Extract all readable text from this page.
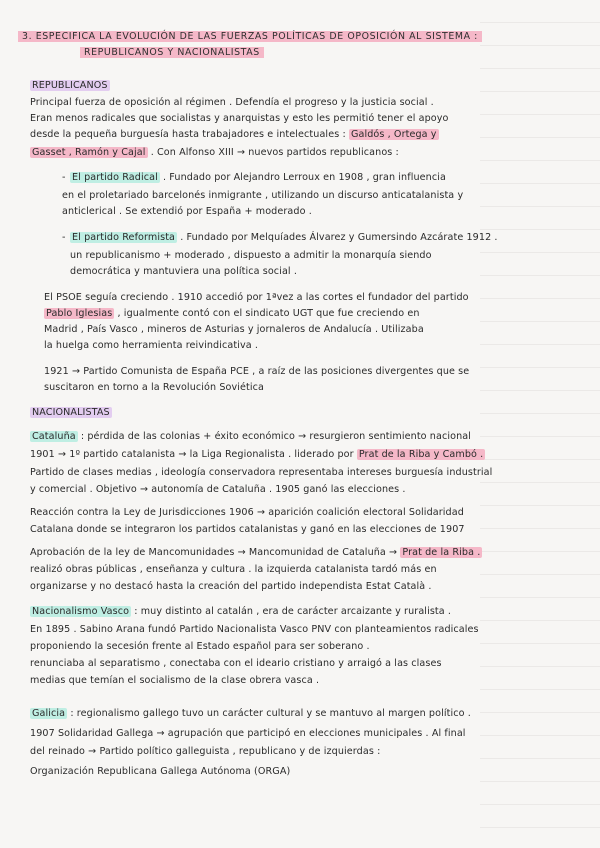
3. ESPECIFICA LA EVOLUCIÓN DE LAS FUERZAS POLÍTICAS DE OPOSICIÓN AL SISTEMA :
REPUBLICANOS Y NACIONALISTAS
REPUBLICANOS
Principal fuerza de oposición al régimen . Defendía el progreso y la justicia social .
Eran menos radicales que socialistas y anarquistas y esto les permitió tener el apoyo
desde la pequeña burguesía hasta trabajadores e intelectuales : Galdós , Ortega y
Gasset , Ramón y Cajal . Con Alfonso XIII → nuevos partidos republicanos :
- El partido Radical . Fundado por Alejandro Lerroux en 1908 , gran influencia
en el proletariado barcelonés inmigrante , utilizando un discurso anticatalanista y
anticlerical . Se extendió por España + moderado .
- El partido Reformista . Fundado por Melquíades Álvarez y Gumersindo Azcárate 1912 .
un republicanismo + moderado , dispuesto a admitir la monarquía siendo
democrática y mantuviera una política social .
El PSOE seguía creciendo . 1910 accedió por 1ªvez a las cortes el fundador del partido
Pablo Iglesias , igualmente contó con el sindicato UGT que fue creciendo en
Madrid , País Vasco , mineros de Asturias y jornaleros de Andalucía . Utilizaba
la huelga como herramienta reivindicativa .
1921 → Partido Comunista de España PCE , a raíz de las posiciones divergentes que se
suscitaron en torno a la Revolución Soviética
NACIONALISTAS
Cataluña : pérdida de las colonias + éxito económico → resurgieron sentimiento nacional
1901 → 1º partido catalanista → la Liga Regionalista . liderado por Prat de la Riba y Cambó .
Partido de clases medias , ideología conservadora representaba intereses burguesía industrial
y comercial . Objetivo → autonomía de Cataluña . 1905 ganó las elecciones .
Reacción contra la Ley de Jurisdicciones 1906 → aparición coalición electoral Solidaridad
Catalana donde se integraron los partidos catalanistas y ganó en las elecciones de 1907
Aprobación de la ley de Mancomunidades → Mancomunidad de Cataluña → Prat de la Riba .
realizó obras públicas , enseñanza y cultura . la izquierda catalanista tardó más en
organizarse y no destacó hasta la creación del partido independista Estat Català .
Nacionalismo Vasco : muy distinto al catalán , era de carácter arcaizante y ruralista .
En 1895 . Sabino Arana fundó Partido Nacionalista Vasco PNV con planteamientos radicales
proponiendo la secesión frente al Estado español para ser soberano .
renunciaba al separatismo , conectaba con el ideario cristiano y arraigó a las clases
medias que temían el socialismo de la clase obrera vasca .
Galicia : regionalismo gallego tuvo un carácter cultural y se mantuvo al margen político .
1907 Solidaridad Gallega → agrupación que participó en elecciones municipales . Al final
del reinado → Partido político galleguista , republicano y de izquierdas :
Organización Republicana Gallega Autónoma (ORGA)
